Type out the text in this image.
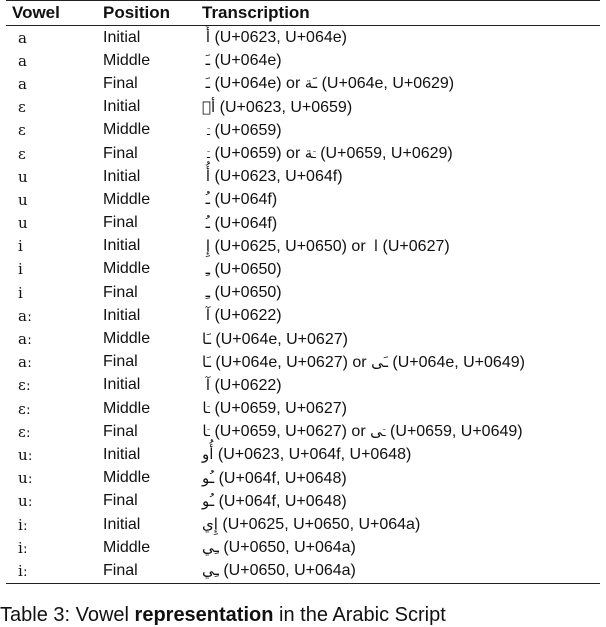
Vowel	Position	Transcription
a	Initial	أَ (U+0623, U+064e)
a	Middle	ـَ (U+064e)
a	Final	ـَ (U+064e) or ـَة (U+064e, U+0629)
ɛ	Initial	أٙ (U+0623, U+0659)
ɛ	Middle	ـٙ (U+0659)
ɛ	Final	ـٙ (U+0659) or ـٙة (U+0659, U+0629)
u	Initial	أُ (U+0623, U+064f)
u	Middle	ـُ (U+064f)
u	Final	ـُ (U+064f)
i	Initial	إِ (U+0625, U+0650) or ا (U+0627)
i	Middle	ـِ (U+0650)
i	Final	ـِ (U+0650)
aː	Initial	آ (U+0622)
aː	Middle	ـَا (U+064e, U+0627)
aː	Final	ـَا (U+064e, U+0627) or ـَى (U+064e, U+0649)
ɛː	Initial	آ (U+0622)
ɛː	Middle	ـٙا (U+0659, U+0627)
ɛː	Final	ـٙا (U+0659, U+0627) or ـٙى (U+0659, U+0649)
uː	Initial	أُو (U+0623, U+064f, U+0648)
uː	Middle	ـُو (U+064f, U+0648)
uː	Final	ـُو (U+064f, U+0648)
iː	Initial	إِي (U+0625, U+0650, U+064a)
iː	Middle	ـِي (U+0650, U+064a)
iː	Final	ـِي (U+0650, U+064a)
Table 3: Vowel representation in the Arabic Script
